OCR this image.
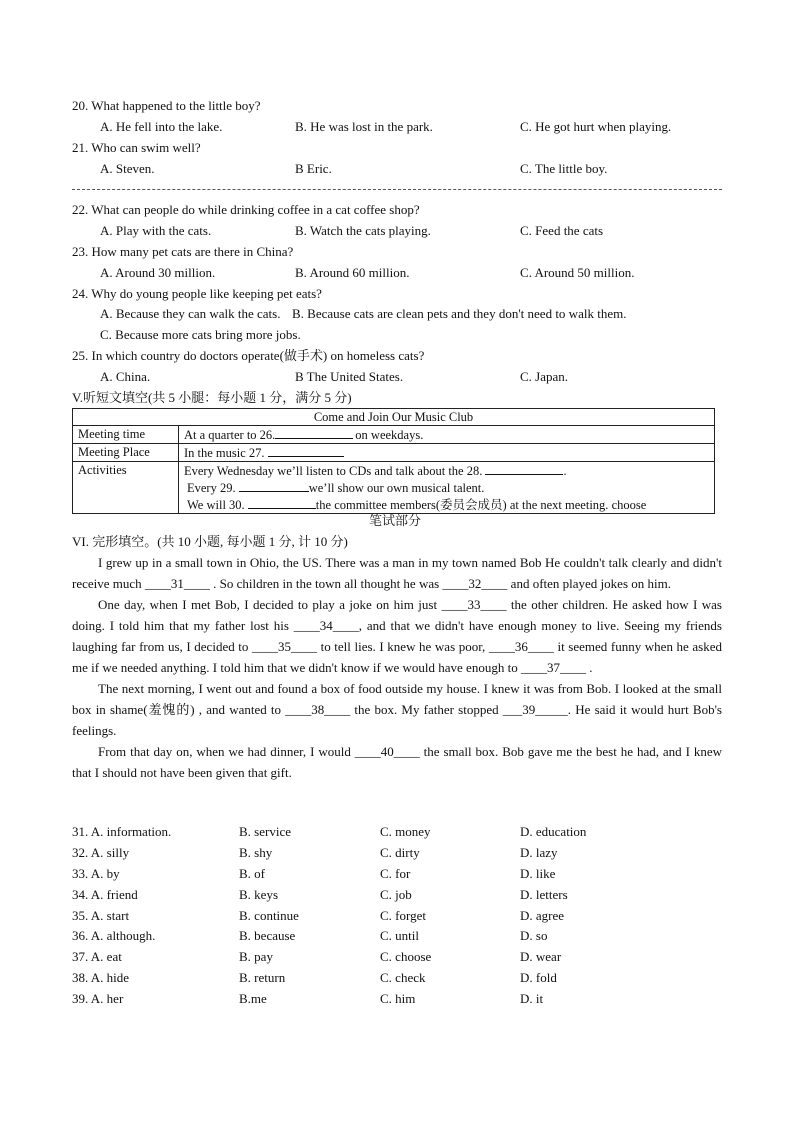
20. What happened to the little boy?
A. He fell into the lake.	B. He was lost in the park.	C. He got hurt when playing.
21. Who can swim well?
A. Steven.	B Eric.	C. The little boy.
22. What can people do while drinking coffee in a cat coffee shop?
A. Play with the cats.	B. Watch the cats playing.	C. Feed the cats
23. How many pet cats are there in China?
A. Around 30 million.	B. Around 60 million.	C. Around 50 million.
24. Why do young people like keeping pet eats?
A. Because they can walk the cats. B. Because cats are clean pets and they don't need to walk them.
C. Because more cats bring more jobs.
25. In which country do doctors operate(做手术) on homeless cats?
A. China.	B The United States.	C. Japan.
V.听短文填空(共 5 小腿：每小题 1 分，满分 5 分)
Come and Join Our Music Club	
Meeting time	At a quarter to 26. on weekdays.
Meeting Place	In the music 27.
Activities	Every Wednesday we’ll listen to CDs and talk about the 28. .
Every 29. we’ll show our own musical talent.
We will 30. the committee members(委员会成员) at the next meeting. choose
笔试部分
VI. 完形填空。(共 10 小题, 每小题 1 分, 计 10 分)

I grew up in a small town in Ohio, the US. There was a man in my town named Bob He couldn't talk clearly and didn't receive much ____31____ . So children in the town all thought he was ____32____ and often played jokes on him.

One day, when I met Bob, I decided to play a joke on him just ____33____ the other children. He asked how I was doing. I told him that my father lost his ____34____, and that we didn't have enough money to live. Seeing my friends laughing far from us, I decided to ____35____ to tell lies. I knew he was poor, ____36____ it seemed funny when he asked me if we needed anything. I told him that we didn't know if we would have enough to ____37____ .

The next morning, I went out and found a box of food outside my house. I knew it was from Bob. I looked at the small box in shame(羞愧的) , and wanted to ____38____ the box. My father stopped ___39_____. He said it would hurt Bob's feelings.

From that day on, when we had dinner, I would ____40____ the small box. Bob gave me the best he had, and I knew that I should not have been given that gift.

31. A. information.	B. service	C. money	D. education
32. A. silly	B. shy	C. dirty	D. lazy
33. A. by	B. of	C. for	D. like
34. A. friend	B. keys	C. job	D. letters
35. A. start	B. continue	C. forget	D. agree
36. A. although.	B. because	C. until	D. so
37. A. eat	B. pay	C. choose	D. wear
38. A. hide	B. return	C. check	D. fold
39. A. her	B.me	C. him	D. it
